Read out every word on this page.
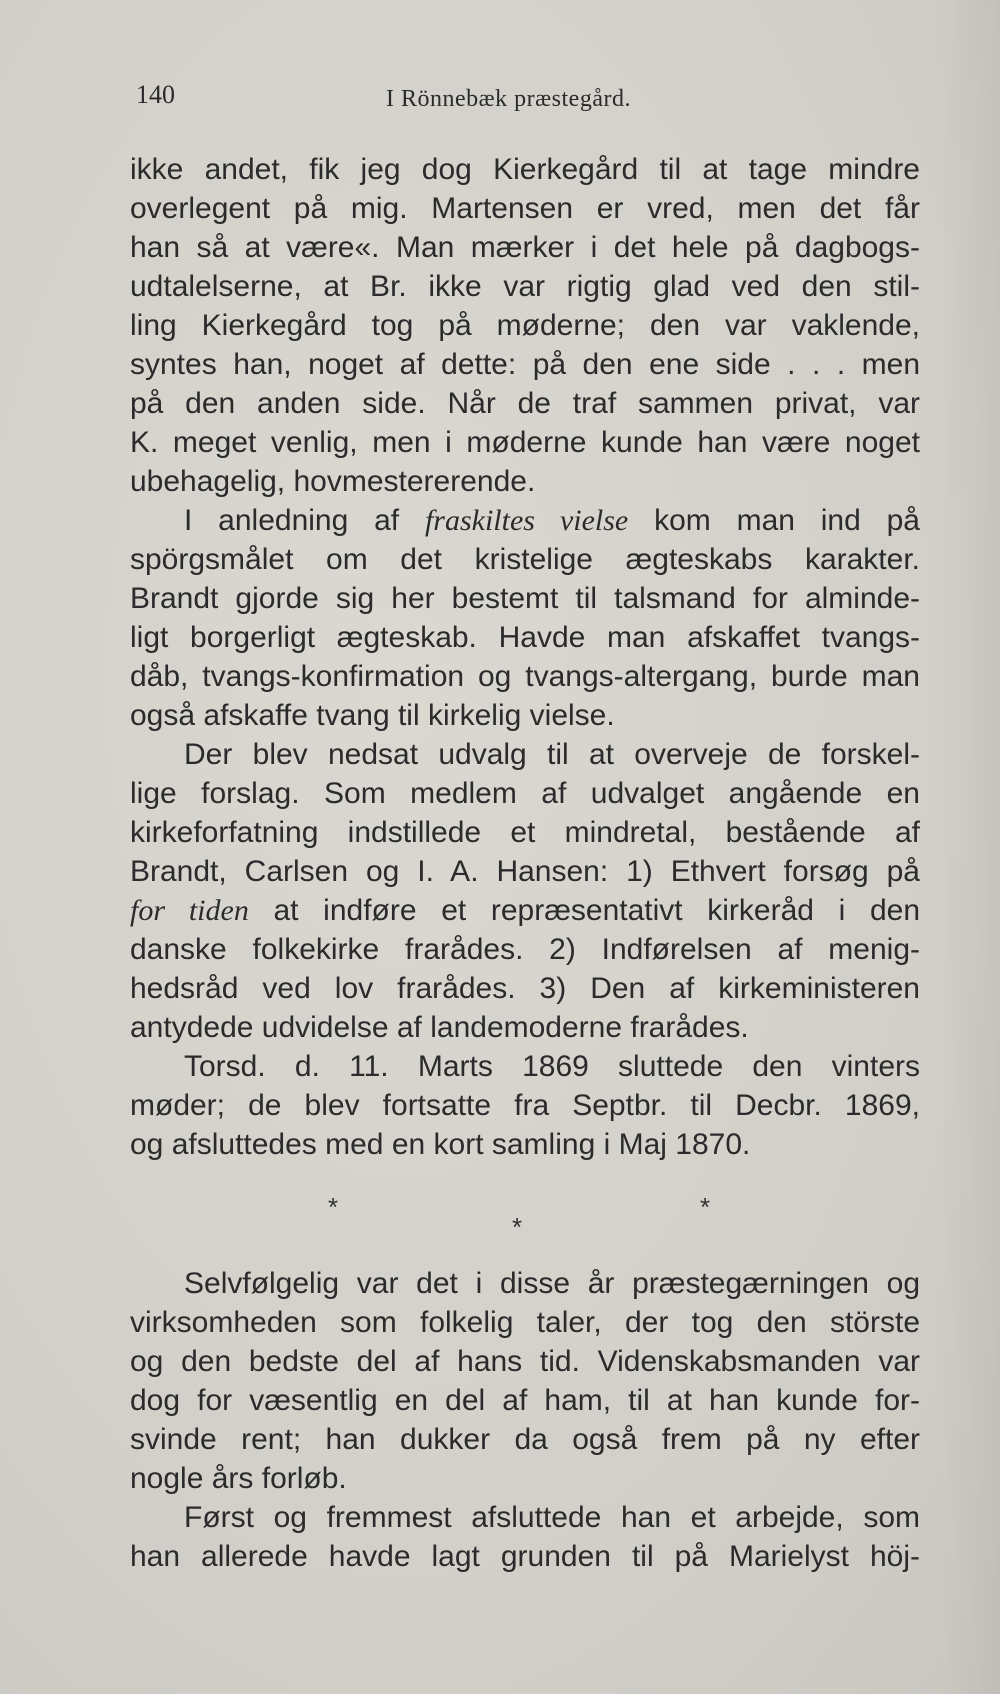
140	I Rönnebæk præstegård.
ikke andet, fik jeg dog Kierkegård til at tage mindre
overlegent på mig. Martensen er vred, men det får
han så at være«. Man mærker i det hele på dagbogs-
udtalelserne, at Br. ikke var rigtig glad ved den stil-
ling Kierkegård tog på møderne; den var vaklende,
syntes han, noget af dette: på den ene side . . . men
på den anden side. Når de traf sammen privat, var
K. meget venlig, men i møderne kunde han være noget
ubehagelig, hovmestererende.
I anledning af fraskiltes vielse kom man ind på
spörgsmålet om det kristelige ægteskabs karakter.
Brandt gjorde sig her bestemt til talsmand for alminde-
ligt borgerligt ægteskab. Havde man afskaffet tvangs-
dåb, tvangs-konfirmation og tvangs-altergang, burde man
også afskaffe tvang til kirkelig vielse.
Der blev nedsat udvalg til at overveje de forskel-
lige forslag. Som medlem af udvalget angående en
kirkeforfatning indstillede et mindretal, bestående af
Brandt, Carlsen og I. A. Hansen: 1) Ethvert forsøg på
for tiden at indføre et repræsentativt kirkeråd i den
danske folkekirke frarådes. 2) Indførelsen af menig-
hedsråd ved lov frarådes. 3) Den af kirkeministeren
antydede udvidelse af landemoderne frarådes.
Torsd. d. 11. Marts 1869 sluttede den vinters
møder; de blev fortsatte fra Septbr. til Decbr. 1869,
og afsluttedes med en kort samling i Maj 1870.
*
*
*
Selvfølgelig var det i disse år præstegærningen og
virksomheden som folkelig taler, der tog den störste
og den bedste del af hans tid. Videnskabsmanden var
dog for væsentlig en del af ham, til at han kunde for-
svinde rent; han dukker da også frem på ny efter
nogle års forløb.
Først og fremmest afsluttede han et arbejde, som
han allerede havde lagt grunden til på Marielyst höj-
